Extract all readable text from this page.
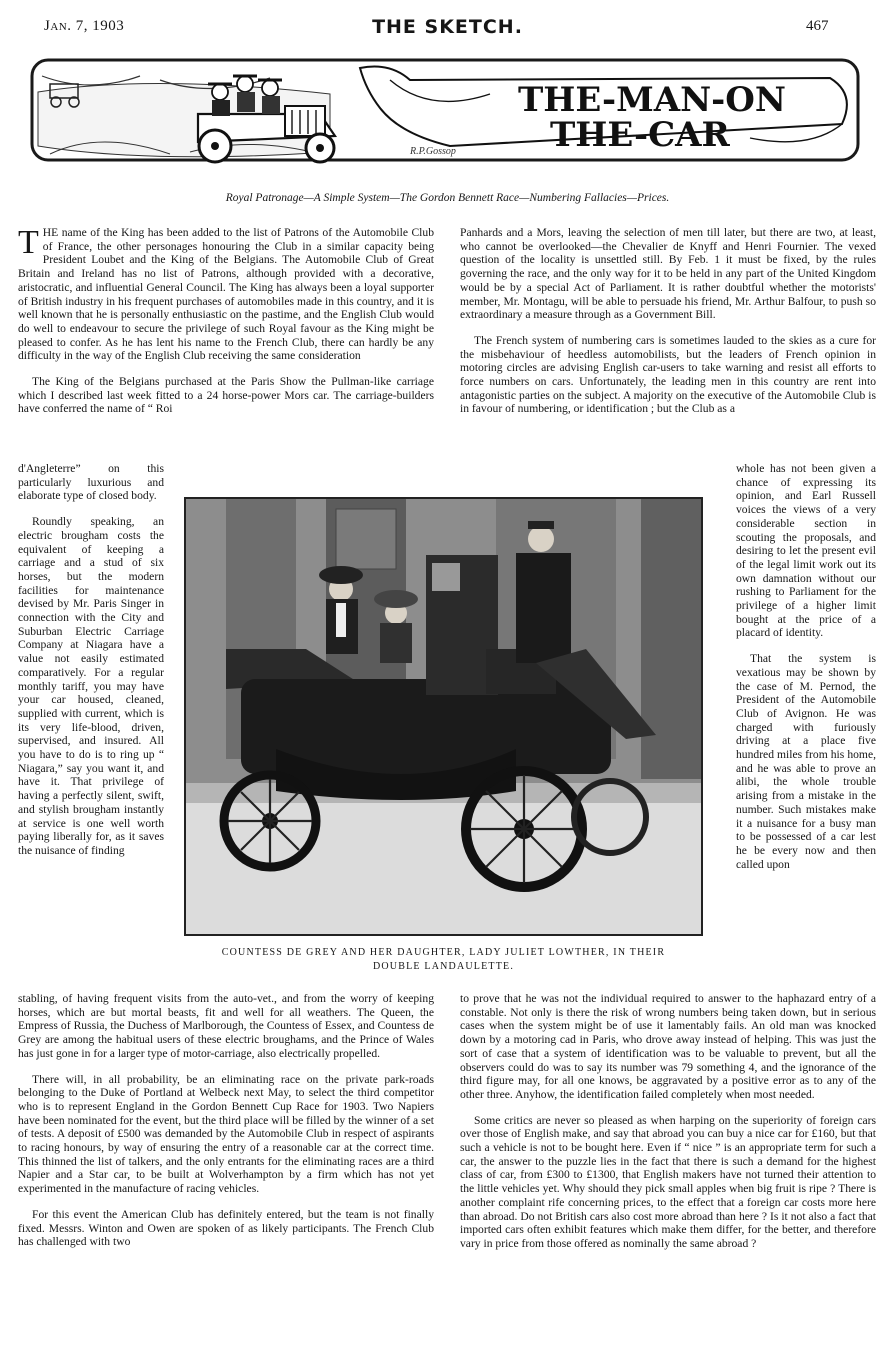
Jan. 7, 1903	THE SKETCH.	467
THE-MAN-ON
THE-CAR
R.P.Gossop
Royal Patronage—A Simple System—The Gordon Bennett Race—Numbering Fallacies—Prices.

THE name of the King has been added to the list of Patrons of the Automobile Club of France, the other personages honouring the Club in a similar capacity being President Loubet and the King of the Belgians. The Automobile Club of Great Britain and Ireland has no list of Patrons, although provided with a decorative, aristocratic, and influential General Council. The King has always been a loyal supporter of British industry in his frequent purchases of automobiles made in this country, and it is well known that he is personally enthusiastic on the pastime, and the English Club would do well to endeavour to secure the privilege of such Royal favour as the King might be pleased to confer. As he has lent his name to the French Club, there can hardly be any difficulty in the way of the English Club receiving the same consideration

The King of the Belgians purchased at the Paris Show the Pullman-like carriage which I described last week fitted to a 24 horse-power Mors car. The carriage-builders have conferred the name of “ Roi

d'Angleterre” on this particularly luxurious and elaborate type of closed body.

Roundly speaking, an electric brougham costs the equivalent of keeping a carriage and a stud of six horses, but the modern facilities for maintenance devised by Mr. Paris Singer in connection with the City and Suburban Electric Carriage Company at Niagara have a value not easily estimated comparatively. For a regular monthly tariff, you may have your car housed, cleaned, supplied with current, which is its very life-blood, driven, supervised, and insured. All you have to do is to ring up “ Niagara,” say you want it, and have it. That privilege of having a perfectly silent, swift, and stylish brougham instantly at service is one well worth paying liberally for, as it saves the nuisance of finding

stabling, of having frequent visits from the auto-vet., and from the worry of keeping horses, which are but mortal beasts, fit and well for all weathers. The Queen, the Empress of Russia, the Duchess of Marlborough, the Countess of Essex, and Countess de Grey are among the habitual users of these electric broughams, and the Prince of Wales has just gone in for a larger type of motor-carriage, also electrically propelled.

There will, in all probability, be an eliminating race on the private park-roads belonging to the Duke of Portland at Welbeck next May, to select the third competitor who is to represent England in the Gordon Bennett Cup Race for 1903. Two Napiers have been nominated for the event, but the third place will be filled by the winner of a set of tests. A deposit of £500 was demanded by the Automobile Club in respect of aspirants to racing honours, by way of ensuring the entry of a reasonable car at the correct time. This thinned the list of talkers, and the only entrants for the eliminating races are a third Napier and a Star car, to be built at Wolverhampton by a firm which has not yet experimented in the manufacture of racing vehicles.

For this event the American Club has definitely entered, but the team is not finally fixed. Messrs. Winton and Owen are spoken of as likely participants. The French Club has challenged with two

Panhards and a Mors, leaving the selection of men till later, but there are two, at least, who cannot be overlooked—the Chevalier de Knyff and Henri Fournier. The vexed question of the locality is unsettled still. By Feb. 1 it must be fixed, by the rules governing the race, and the only way for it to be held in any part of the United Kingdom would be by a special Act of Parliament. It is rather doubtful whether the motorists' member, Mr. Montagu, will be able to persuade his friend, Mr. Arthur Balfour, to push so extraordinary a measure through as a Government Bill.

The French system of numbering cars is sometimes lauded to the skies as a cure for the misbehaviour of heedless automobilists, but the leaders of French opinion in motoring circles are advising English car-users to take warning and resist all efforts to force numbers on cars. Unfortunately, the leading men in this country are rent into antagonistic parties on the subject. A majority on the executive of the Automobile Club is in favour of numbering, or identification ; but the Club as a

whole has not been given a chance of expressing its opinion, and Earl Russell voices the views of a very considerable section in scouting the proposals, and desiring to let the present evil of the legal limit work out its own damnation without our rushing to Parliament for the privilege of a higher limit bought at the price of a placard of identity.

That the system is vexatious may be shown by the case of M. Pernod, the President of the Automobile Club of Avignon. He was charged with furiously driving at a place five hundred miles from his home, and he was able to prove an alibi, the whole trouble arising from a mistake in the number. Such mistakes make it a nuisance for a busy man to be possessed of a car lest he be every now and then called upon

to prove that he was not the individual required to answer to the haphazard entry of a constable. Not only is there the risk of wrong numbers being taken down, but in serious cases when the system might be of use it lamentably fails. An old man was knocked down by a motoring cad in Paris, who drove away instead of helping. This was just the sort of case that a system of identification was to be valuable to prevent, but all the observers could do was to say its number was 79 something 4, and the ignorance of the third figure may, for all one knows, be aggravated by a positive error as to any of the other three. Anyhow, the identification failed completely when most needed.

Some critics are never so pleased as when harping on the superiority of foreign cars over those of English make, and say that abroad you can buy a nice car for £160, but that such a vehicle is not to be bought here. Even if “ nice ” is an appropriate term for such a car, the answer to the puzzle lies in the fact that there is such a demand for the highest class of car, from £300 to £1300, that English makers have not turned their attention to the little vehicles yet. Why should they pick small apples when big fruit is ripe ? There is another complaint rife concerning prices, to the effect that a foreign car costs more here than abroad. Do not British cars also cost more abroad than here ? Is it not also a fact that imported cars often exhibit features which make them differ, for the better, and therefore vary in price from those offered as nominally the same abroad ?

COUNTESS DE GREY AND HER DAUGHTER, LADY JULIET LOWTHER, IN THEIR
DOUBLE LANDAULETTE.
